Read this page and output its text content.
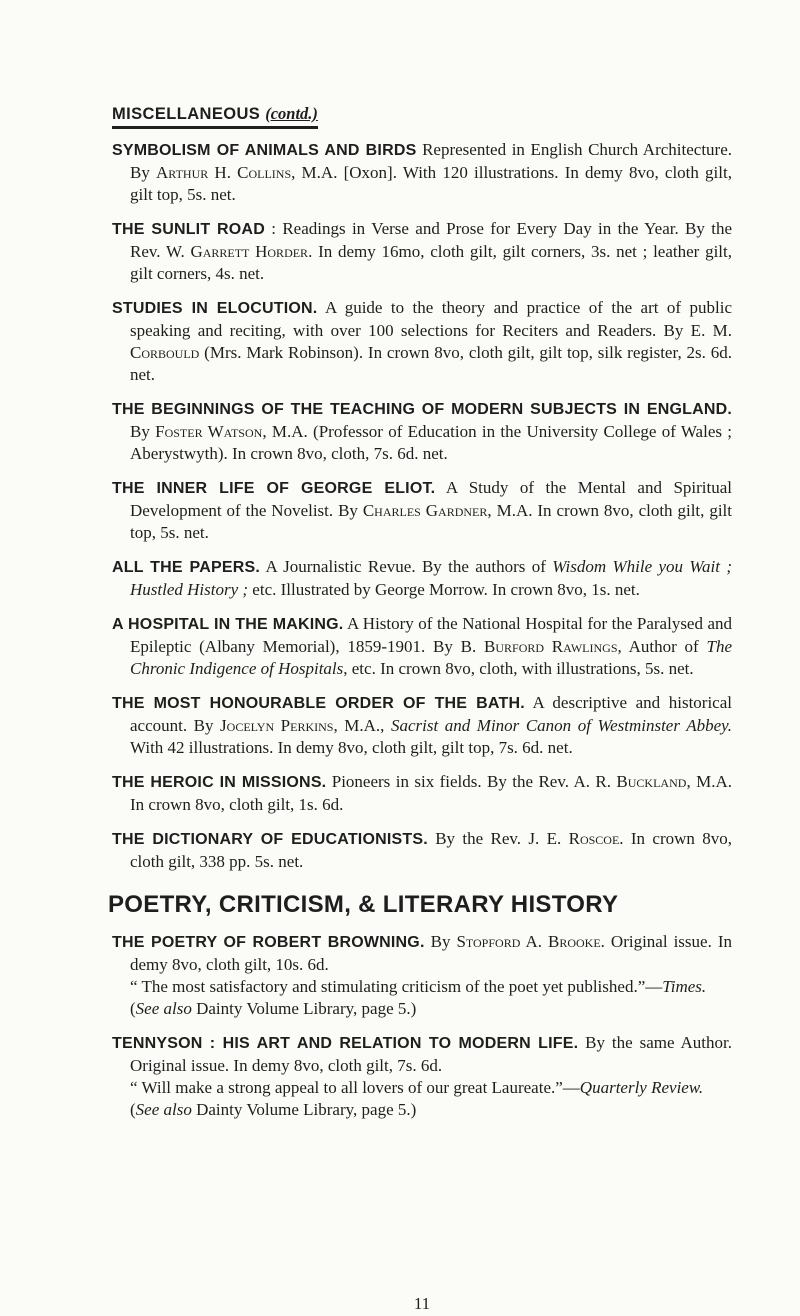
MISCELLANEOUS (contd.)

SYMBOLISM OF ANIMALS AND BIRDS Represented in English Church Architecture. By Arthur H. Collins, M.A. [Oxon]. With 120 illustrations. In demy 8vo, cloth gilt, gilt top, 5s. net.

THE SUNLIT ROAD : Readings in Verse and Prose for Every Day in the Year. By the Rev. W. Garrett Horder. In demy 16mo, cloth gilt, gilt corners, 3s. net ; leather gilt, gilt corners, 4s. net.

STUDIES IN ELOCUTION. A guide to the theory and practice of the art of public speaking and reciting, with over 100 selections for Reciters and Readers. By E. M. Corbould (Mrs. Mark Robinson). In crown 8vo, cloth gilt, gilt top, silk register, 2s. 6d. net.

THE BEGINNINGS OF THE TEACHING OF MODERN SUBJECTS IN ENGLAND. By Foster Watson, M.A. (Professor of Education in the University College of Wales ; Aberystwyth). In crown 8vo, cloth, 7s. 6d. net.

THE INNER LIFE OF GEORGE ELIOT. A Study of the Mental and Spiritual Development of the Novelist. By Charles Gardner, M.A. In crown 8vo, cloth gilt, gilt top, 5s. net.

ALL THE PAPERS. A Journalistic Revue. By the authors of Wisdom While you Wait ; Hustled History ; etc. Illustrated by George Morrow. In crown 8vo, 1s. net.

A HOSPITAL IN THE MAKING. A History of the National Hospital for the Paralysed and Epileptic (Albany Memorial), 1859-1901. By B. Burford Rawlings, Author of The Chronic Indigence of Hospitals, etc. In crown 8vo, cloth, with illustrations, 5s. net.

THE MOST HONOURABLE ORDER OF THE BATH. A descriptive and historical account. By Jocelyn Perkins, M.A., Sacrist and Minor Canon of Westminster Abbey. With 42 illustrations. In demy 8vo, cloth gilt, gilt top, 7s. 6d. net.

THE HEROIC IN MISSIONS. Pioneers in six fields. By the Rev. A. R. Buckland, M.A. In crown 8vo, cloth gilt, 1s. 6d.

THE DICTIONARY OF EDUCATIONISTS. By the Rev. J. E. Roscoe. In crown 8vo, cloth gilt, 338 pp. 5s. net.

POETRY, CRITICISM, & LITERARY HISTORY

THE POETRY OF ROBERT BROWNING. By Stopford A. Brooke. Original issue. In demy 8vo, cloth gilt, 10s. 6d.
“ The most satisfactory and stimulating criticism of the poet yet published.”—Times.
(See also Dainty Volume Library, page 5.)

TENNYSON : HIS ART AND RELATION TO MODERN LIFE. By the same Author. Original issue. In demy 8vo, cloth gilt, 7s. 6d.
“ Will make a strong appeal to all lovers of our great Laureate.”—Quarterly Review.
(See also Dainty Volume Library, page 5.)

11
